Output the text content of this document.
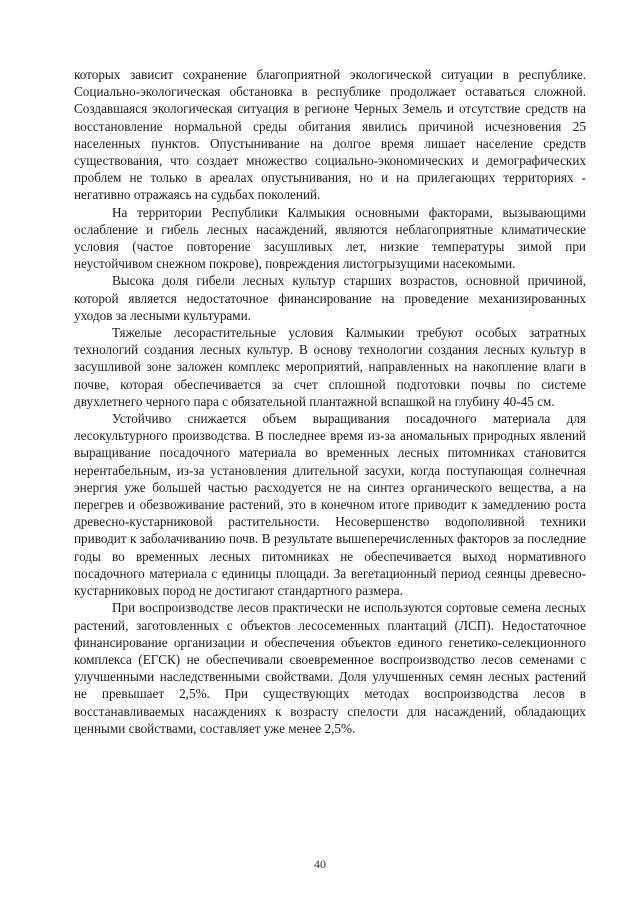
которых зависит сохранение благоприятной экологической ситуации в республике. Социально-экологическая обстановка в республике продолжает оставаться сложной. Создавшаяся экологическая ситуация в регионе Черных Земель и отсутствие средств на восстановление нормальной среды обитания явились причиной исчезновения 25 населенных пунктов. Опустынивание на долгое время лишает население средств существования, что создает множество социально-экономических и демографических проблем не только в ареалах опустынивания, но и на прилегающих территориях - негативно отражаясь на судьбах поколений.

На территории Республики Калмыкия основными факторами, вызывающими ослабление и гибель лесных насаждений, являются неблагоприятные климатические условия (частое повторение засушливых лет, низкие температуры зимой при неустойчивом снежном покрове), повреждения листогрызущими насекомыми.

Высока доля гибели лесных культур старших возрастов, основной причиной, которой является недостаточное финансирование на проведение механизированных уходов за лесными культурами.

Тяжелые лесорастительные условия Калмыкии требуют особых затратных технологий создания лесных культур. В основу технологии создания лесных культур в засушливой зоне заложен комплекс мероприятий, направленных на накопление влаги в почве, которая обеспечивается за счет сплошной подготовки почвы по системе двухлетнего черного пара с обязательной плантажной вспашкой на глубину 40-45 см.

Устойчиво снижается объем выращивания посадочного материала для лесокультурного производства. В последнее время из-за аномальных природных явлений выращивание посадочного материала во временных лесных питомниках становится нерентабельным, из-за установления длительной засухи, когда поступающая солнечная энергия уже большей частью расходуется не на синтез органического вещества, а на перегрев и обезвоживание растений, это в конечном итоге приводит к замедлению роста древесно-кустарниковой растительности. Несовершенство водополивной техники приводит к заболачиванию почв. В результате вышеперечисленных факторов за последние годы во временных лесных питомниках не обеспечивается выход нормативного посадочного материала с единицы площади. За вегетационный период сеянцы древесно-кустарниковых пород не достигают стандартного размера.

При воспроизводстве лесов практически не используются сортовые семена лесных растений, заготовленных с объектов лесосеменных плантаций (ЛСП). Недостаточное финансирование организации и обеспечения объектов единого генетико-селекционного комплекса (ЕГСК) не обеспечивали своевременное воспроизводство лесов семенами с улучшенными наследственными свойствами. Доля улучшенных семян лесных растений не превышает 2,5%. При существующих методах воспроизводства лесов в восстанавливаемых насаждениях к возрасту спелости для насаждений, обладающих ценными свойствами, составляет уже менее 2,5%.

40
